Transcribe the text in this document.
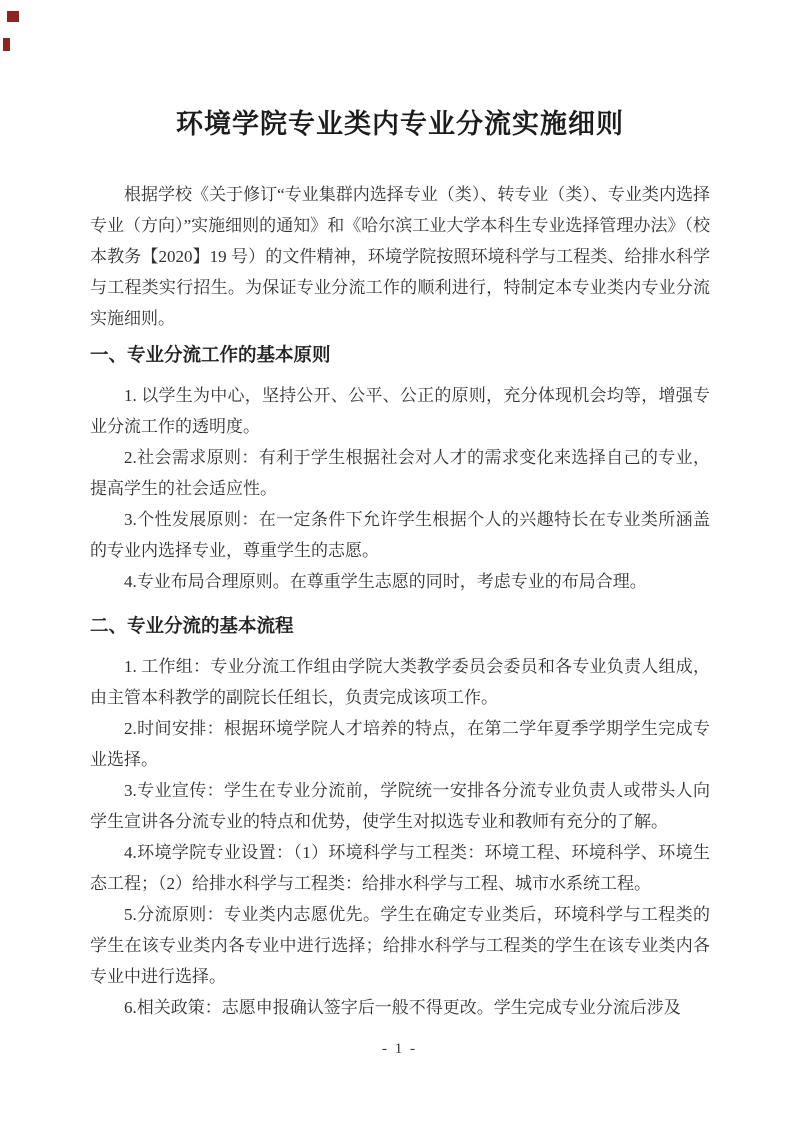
环境学院专业类内专业分流实施细则

根据学校《关于修订“专业集群内选择专业（类）、转专业（类）、专业类内选择专业（方向）”实施细则的通知》和《哈尔滨工业大学本科生专业选择管理办法》（校本教务【2020】19 号）的文件精神，环境学院按照环境科学与工程类、给排水科学与工程类实行招生。为保证专业分流工作的顺利进行，特制定本专业类内专业分流实施细则。

一、专业分流工作的基本原则

1. 以学生为中心，坚持公开、公平、公正的原则，充分体现机会均等，增强专业分流工作的透明度。

2.社会需求原则：有利于学生根据社会对人才的需求变化来选择自己的专业，提高学生的社会适应性。

3.个性发展原则：在一定条件下允许学生根据个人的兴趣特长在专业类所涵盖的专业内选择专业，尊重学生的志愿。

4.专业布局合理原则。在尊重学生志愿的同时，考虑专业的布局合理。

二、专业分流的基本流程

1. 工作组：专业分流工作组由学院大类教学委员会委员和各专业负责人组成，由主管本科教学的副院长任组长，负责完成该项工作。

2.时间安排：根据环境学院人才培养的特点，在第二学年夏季学期学生完成专业选择。

3.专业宣传：学生在专业分流前，学院统一安排各分流专业负责人或带头人向学生宣讲各分流专业的特点和优势，使学生对拟选专业和教师有充分的了解。

4.环境学院专业设置：（1）环境科学与工程类：环境工程、环境科学、环境生态工程；（2）给排水科学与工程类：给排水科学与工程、城市水系统工程。

5.分流原则：专业类内志愿优先。学生在确定专业类后，环境科学与工程类的学生在该专业类内各专业中进行选择；给排水科学与工程类的学生在该专业类内各专业中进行选择。

6.相关政策：志愿申报确认签字后一般不得更改。学生完成专业分流后涉及

- 1 -
